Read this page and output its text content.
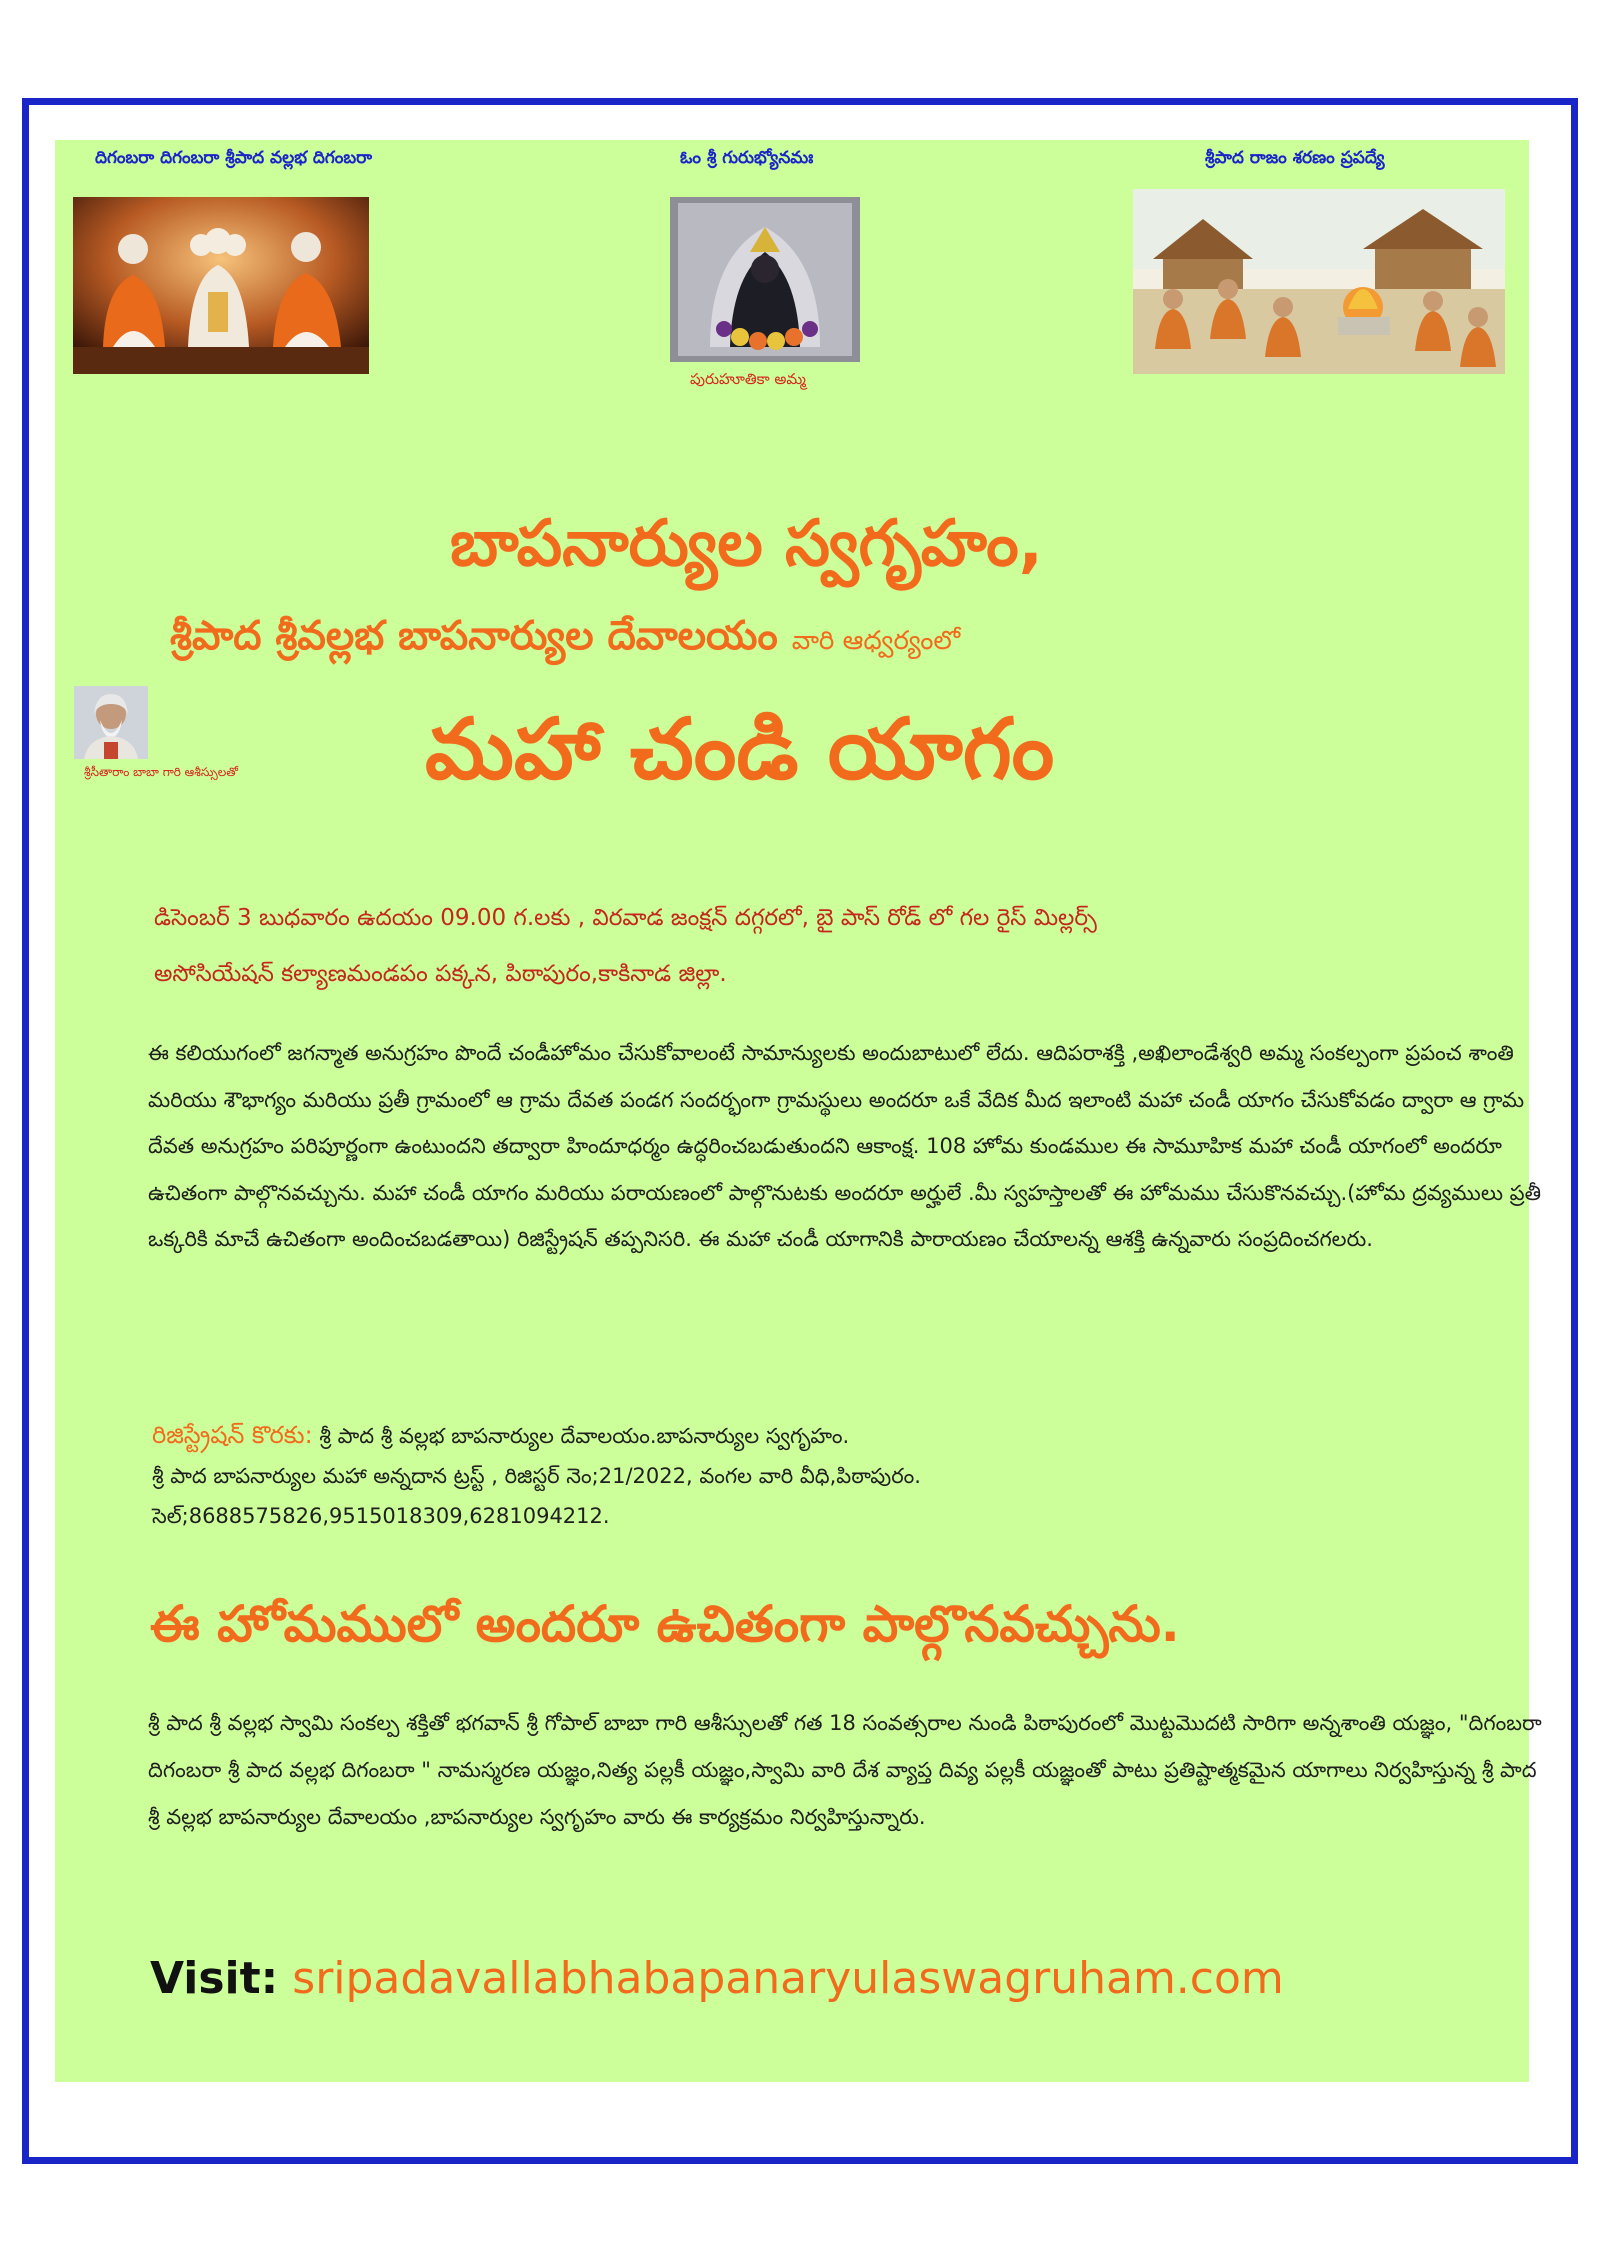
దిగంబరా దిగంబరా శ్రీపాద వల్లభ దిగంబరా	ఓం శ్రీ గురుభ్యోనమః	శ్రీపాద రాజం శరణం ప్రపద్యే
పురుహూతికా అమ్మ
బాపనార్యుల స్వగృహం,
శ్రీపాద శ్రీవల్లభ బాపనార్యుల దేవాలయం వారి ఆధ్వర్యంలో
శ్రీసీతారాం బాబా గారి ఆశీస్సులతో మహా చండి యాగం
డిసెంబర్ 3 బుధవారం ఉదయం 09.00 గ.లకు , విరవాడ జంక్షన్ దగ్గరలో, బై పాస్ రోడ్ లో గల రైస్ మిల్లర్స్
అసోసియేషన్ కల్యాణమండపం పక్కన, పిఠాపురం,కాకినాడ జిల్లా.
ఈ కలియుగంలో జగన్మాత అనుగ్రహం పొందే చండీహోమం చేసుకోవాలంటే సామాన్యులకు అందుబాటులో లేదు. ఆదిపరాశక్తి ,అఖిలాండేశ్వరి అమ్మ సంకల్పంగా ప్రపంచ శాంతి మరియు శౌభాగ్యం మరియు ప్రతీ గ్రామంలో ఆ గ్రామ దేవత పండగ సందర్భంగా గ్రామస్థులు అందరూ ఒకే వేదిక మీద ఇలాంటి మహా చండీ యాగం చేసుకోవడం ద్వారా ఆ గ్రామ దేవత అనుగ్రహం పరిపూర్ణంగా ఉంటుందని తద్వారా హిందూధర్మం ఉద్ధరించబడుతుందని ఆకాంక్ష. 108 హోమ కుండముల ఈ సామూహిక మహా చండీ యాగంలో అందరూ ఉచితంగా పాల్గొనవచ్చును. మహా చండీ యాగం మరియు పరాయణంలో పాల్గొనుటకు అందరూ అర్హులే .మీ స్వహస్తాలతో ఈ హోమము చేసుకొనవచ్చు.(హోమ ద్రవ్యములు ప్రతీ ఒక్కరికి మాచే ఉచితంగా అందించబడతాయి) రిజిస్ట్రేషన్ తప్పనిసరి. ఈ మహా చండీ యాగానికి పారాయణం చేయాలన్న ఆశక్తి ఉన్నవారు సంప్రదించగలరు.
రిజిస్ట్రేషన్ కొరకు: శ్రీ పాద శ్రీ వల్లభ బాపనార్యుల దేవాలయం.బాపనార్యుల స్వగృహం.
శ్రీ పాద బాపనార్యుల మహా అన్నదాన ట్రస్ట్ , రిజిస్టర్ నెం;21/2022, వంగల వారి వీధి,పిఠాపురం.
సెల్;8688575826,9515018309,6281094212.
ఈ హోమములో అందరూ ఉచితంగా పాల్గొనవచ్చును.
శ్రీ పాద శ్రీ వల్లభ స్వామి సంకల్ప శక్తితో భగవాన్ శ్రీ గోపాల్ బాబా గారి ఆశీస్సులతో గత 18 సంవత్సరాల నుండి పిఠాపురంలో మొట్టమొదటి సారిగా అన్నశాంతి యజ్ఞం, "దిగంబరా దిగంబరా శ్రీ పాద వల్లభ దిగంబరా " నామస్మరణ యజ్ఞం,నిత్య పల్లకీ యజ్ఞం,స్వామి వారి దేశ వ్యాప్త దివ్య పల్లకీ యజ్ఞంతో పాటు ప్రతిష్టాత్మకమైన యాగాలు నిర్వహిస్తున్న శ్రీ పాద శ్రీ వల్లభ బాపనార్యుల దేవాలయం ,బాపనార్యుల స్వగృహం వారు ఈ కార్యక్రమం నిర్వహిస్తున్నారు.
Visit: sripadavallabhabapanaryulaswagruham.com
